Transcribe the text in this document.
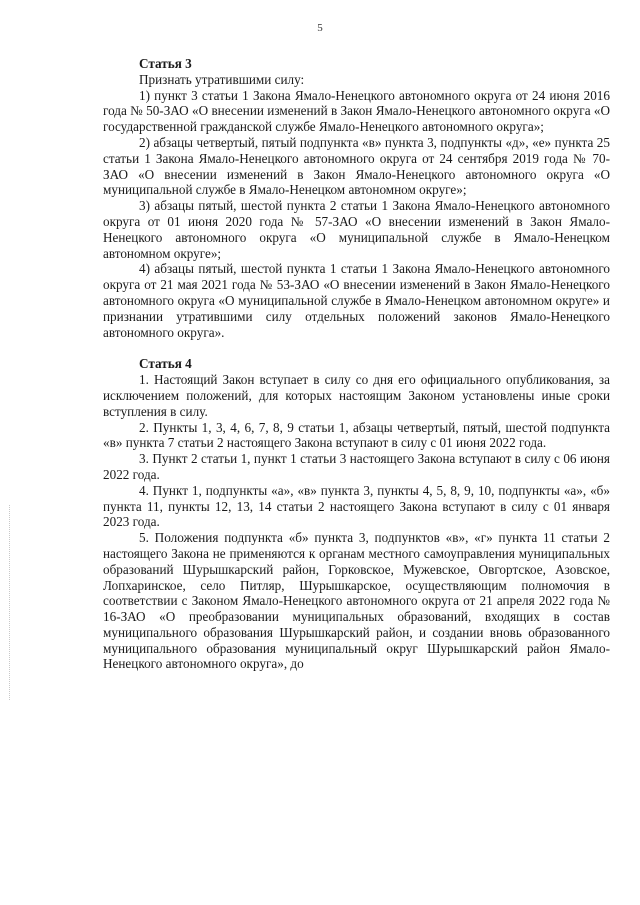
5
Статья 3
Признать утратившими силу:

1) пункт 3 статьи 1 Закона Ямало-Ненецкого автономного округа от 24 июня 2016 года № 50-ЗАО «О внесении изменений в Закон Ямало-Ненецкого автономного округа «О государственной гражданской службе Ямало-Ненецкого автономного округа»;

2) абзацы четвертый, пятый подпункта «в» пункта 3, подпункты «д», «е» пункта 25 статьи 1 Закона Ямало-Ненецкого автономного округа от 24 сентября 2019 года № 70-ЗАО «О внесении изменений в Закон Ямало-Ненецкого автономного округа «О муниципальной службе в Ямало-Ненецком автономном округе»;

3) абзацы пятый, шестой пункта 2 статьи 1 Закона Ямало-Ненецкого автономного округа от 01 июня 2020 года № 57-ЗАО «О внесении изменений в Закон Ямало-Ненецкого автономного округа «О муниципальной службе в Ямало-Ненецком автономном округе»;

4) абзацы пятый, шестой пункта 1 статьи 1 Закона Ямало-Ненецкого автономного округа от 21 мая 2021 года № 53-ЗАО «О внесении изменений в Закон Ямало-Ненецкого автономного округа «О муниципальной службе в Ямало-Ненецком автономном округе» и признании утратившими силу отдельных положений законов Ямало-Ненецкого автономного округа».

Статья 4

1. Настоящий Закон вступает в силу со дня его официального опубликования, за исключением положений, для которых настоящим Законом установлены иные сроки вступления в силу.

2. Пункты 1, 3, 4, 6, 7, 8, 9 статьи 1, абзацы четвертый, пятый, шестой подпункта «в» пункта 7 статьи 2 настоящего Закона вступают в силу с 01 июня 2022 года.

3. Пункт 2 статьи 1, пункт 1 статьи 3 настоящего Закона вступают в силу с 06 июня 2022 года.

4. Пункт 1, подпункты «а», «в» пункта 3, пункты 4, 5, 8, 9, 10, подпункты «а», «б» пункта 11, пункты 12, 13, 14 статьи 2 настоящего Закона вступают в силу с 01 января 2023 года.

5. Положения подпункта «б» пункта 3, подпунктов «в», «г» пункта 11 статьи 2 настоящего Закона не применяются к органам местного самоуправления муниципальных образований Шурышкарский район, Горковское, Мужевское, Овгортское, Азовское, Лопхаринское, село Питляр, Шурышкарское, осуществляющим полномочия в соответствии с Законом Ямало-Ненецкого автономного округа от 21 апреля 2022 года № 16-ЗАО «О преобразовании муниципальных образований, входящих в состав муниципального образования Шурышкарский район, и создании вновь образованного муниципального образования муниципальный округ Шурышкарский район Ямало-Ненецкого автономного округа», до
